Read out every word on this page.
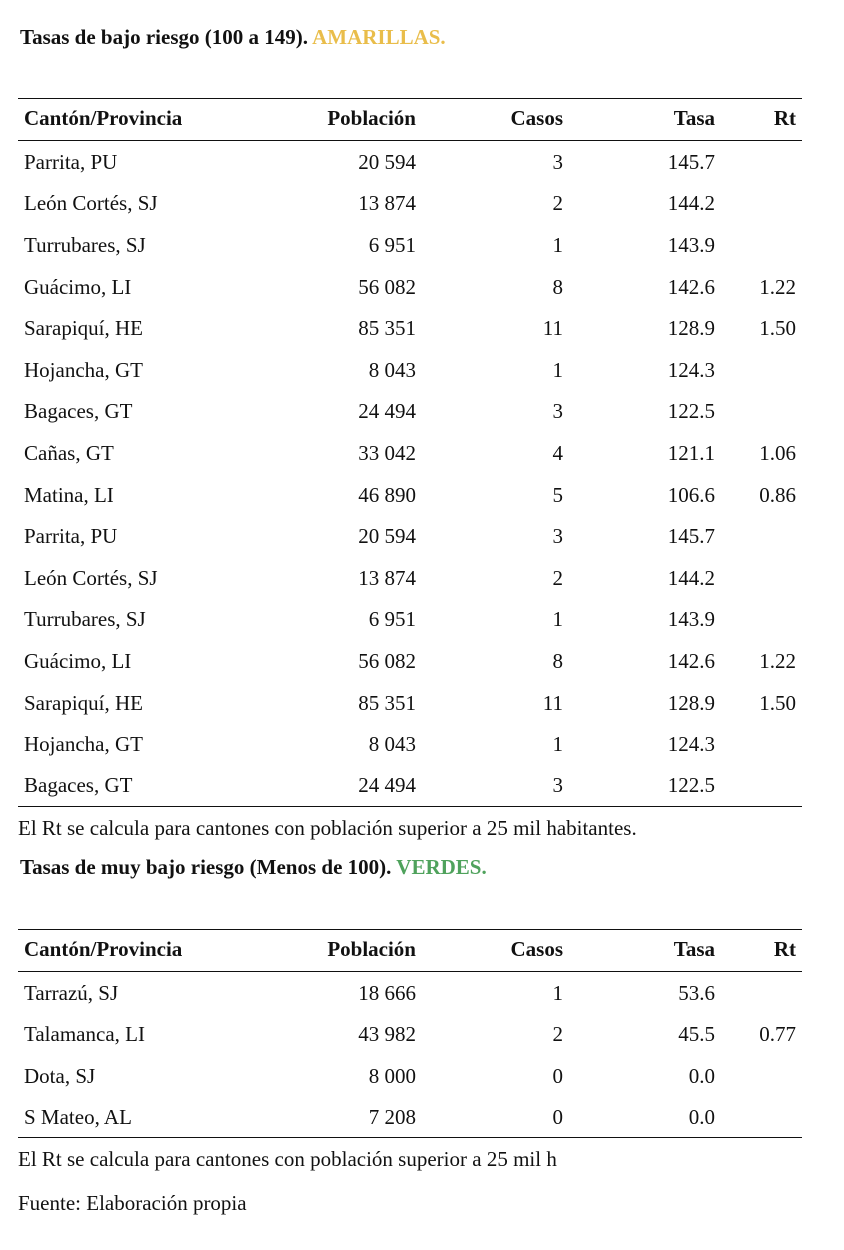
Tasas de bajo riesgo (100 a 149). AMARILLAS.
Cantón/Provincia	Población	Casos	Tasa	Rt
Parrita, PU	20 594	3	145.7	
León Cortés, SJ	13 874	2	144.2	
Turrubares, SJ	6 951	1	143.9	
Guácimo, LI	56 082	8	142.6	1.22
Sarapiquí, HE	85 351	11	128.9	1.50
Hojancha, GT	8 043	1	124.3	
Bagaces, GT	24 494	3	122.5	
Cañas, GT	33 042	4	121.1	1.06
Matina, LI	46 890	5	106.6	0.86
Parrita, PU	20 594	3	145.7	
León Cortés, SJ	13 874	2	144.2	
Turrubares, SJ	6 951	1	143.9	
Guácimo, LI	56 082	8	142.6	1.22
Sarapiquí, HE	85 351	11	128.9	1.50
Hojancha, GT	8 043	1	124.3	
Bagaces, GT	24 494	3	122.5	

El Rt se calcula para cantones con población superior a 25 mil habitantes.

Tasas de muy bajo riesgo (Menos de 100). VERDES.
Cantón/Provincia	Población	Casos	Tasa	Rt
Tarrazú, SJ	18 666	1	53.6	
Talamanca, LI	43 982	2	45.5	0.77
Dota, SJ	8 000	0	0.0	
S Mateo, AL	7 208	0	0.0	

El Rt se calcula para cantones con población superior a 25 mil h

Fuente: Elaboración propia
